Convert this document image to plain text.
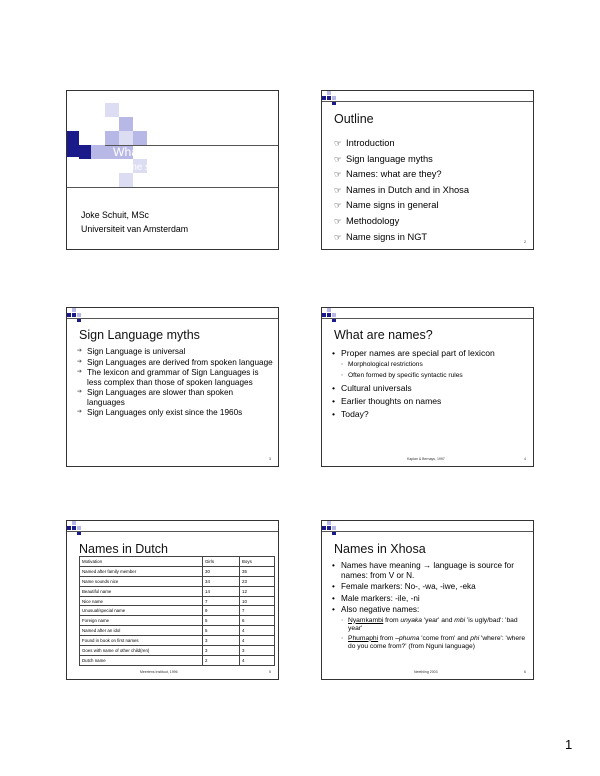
What's in a name sign?
Name signs in NGT
Joke Schuit, MSc
Universiteit van Amsterdam
Outline
☞ Introduction
☞ Sign language myths
☞ Names: what are they?
☞ Names in Dutch and in Xhosa
☞ Name signs in general
☞ Methodology
☞ Name signs in NGT
2
Sign Language myths
➔ Sign Language is universal
➔ Sign Languages are derived from spoken language
➔ The lexicon and grammar of Sign Languages is less complex than those of spoken languages
➔ Sign Languages are slower than spoken languages
➔ Sign Languages only exist since the 1960s
3
What are names?
• Proper names are special part of lexicon
◦ Morphological restrictions
◦ Often formed by specific syntactic rules
• Cultural universals
• Earlier thoughts on names
• Today?
Kaplan & Bernays, 1997	4
Names in Dutch
Motivation	Girls	Boys
Named after family member	30	35
Name sounds nice	34	23
Beautiful name	14	12
Nice name	7	10
Unusual/special name	9	7
Foreign name	5	6
Named after an idol	5	4
Found in book on first names	3	4
Goes with name of other child(ren)	3	3
Dutch name	2	4
Meertens Instituut, 1996	5
Names in Xhosa
• Names have meaning → language is source for names: from V or N.
• Female markers: No-, -wa, -iwe, -eka
• Male markers: -ile, -ni
• Also negative names:
◦ Nyamkambi from unyaka 'year' and mbi 'is ugly/bad': 'bad year'
◦ Phumaphi from –phuma 'come from' and phi 'where': 'where do you come from?' (from Nguni language)
Neethling 2003	6
1
